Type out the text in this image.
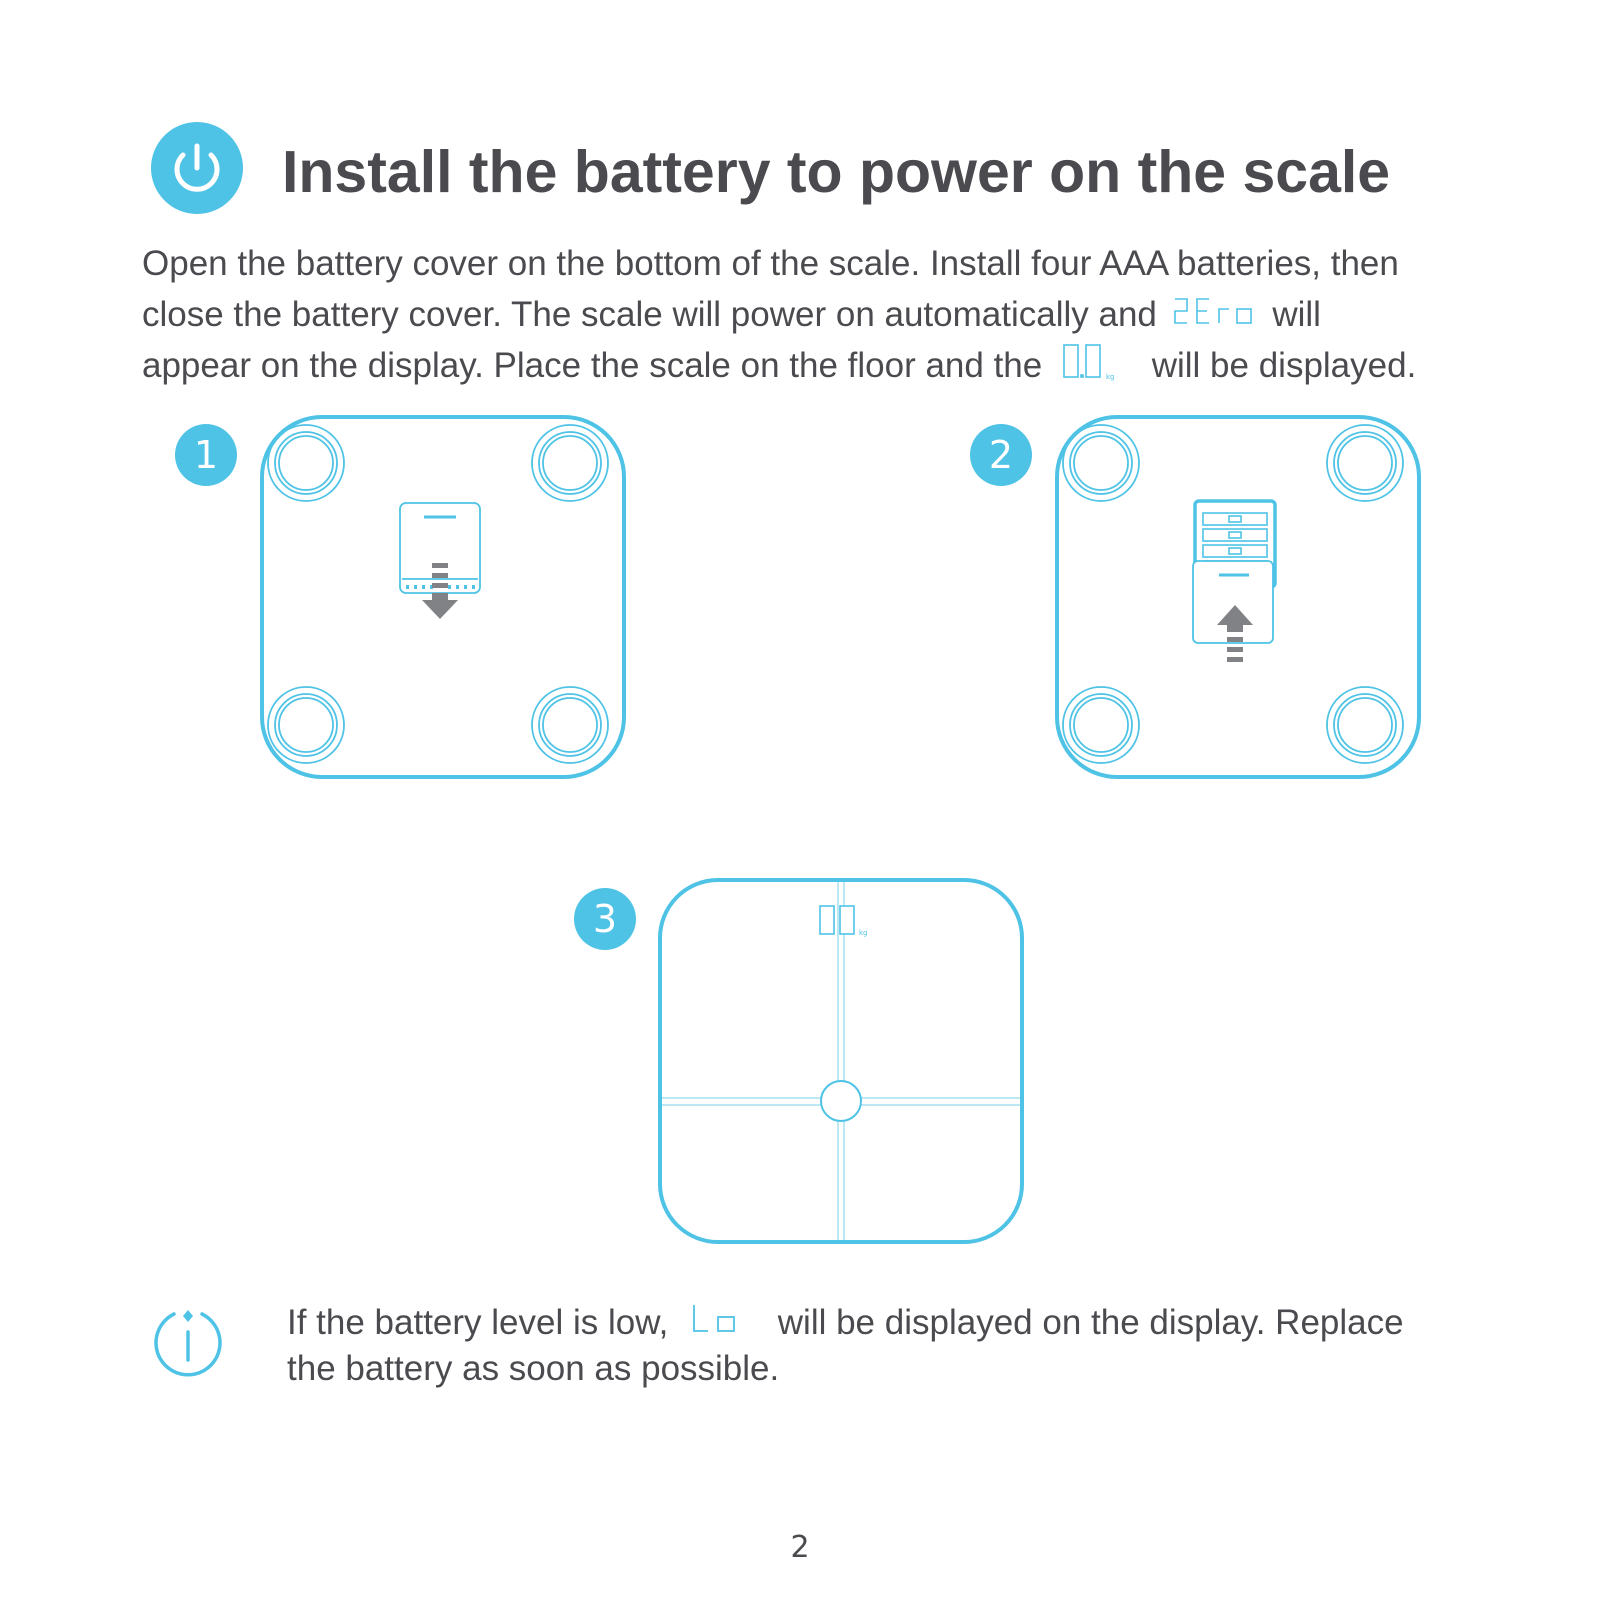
Install the battery to power on the scale
Open the battery cover on the bottom of the scale. Install four AAA batteries, then
close the battery cover. The scale will power on automatically and	will
appear on the display. Place the scale on the floor and the	kg will be displayed.
1	2
3	kg
If the battery level is low,	will be displayed on the display. Replace
the battery as soon as possible.
2
